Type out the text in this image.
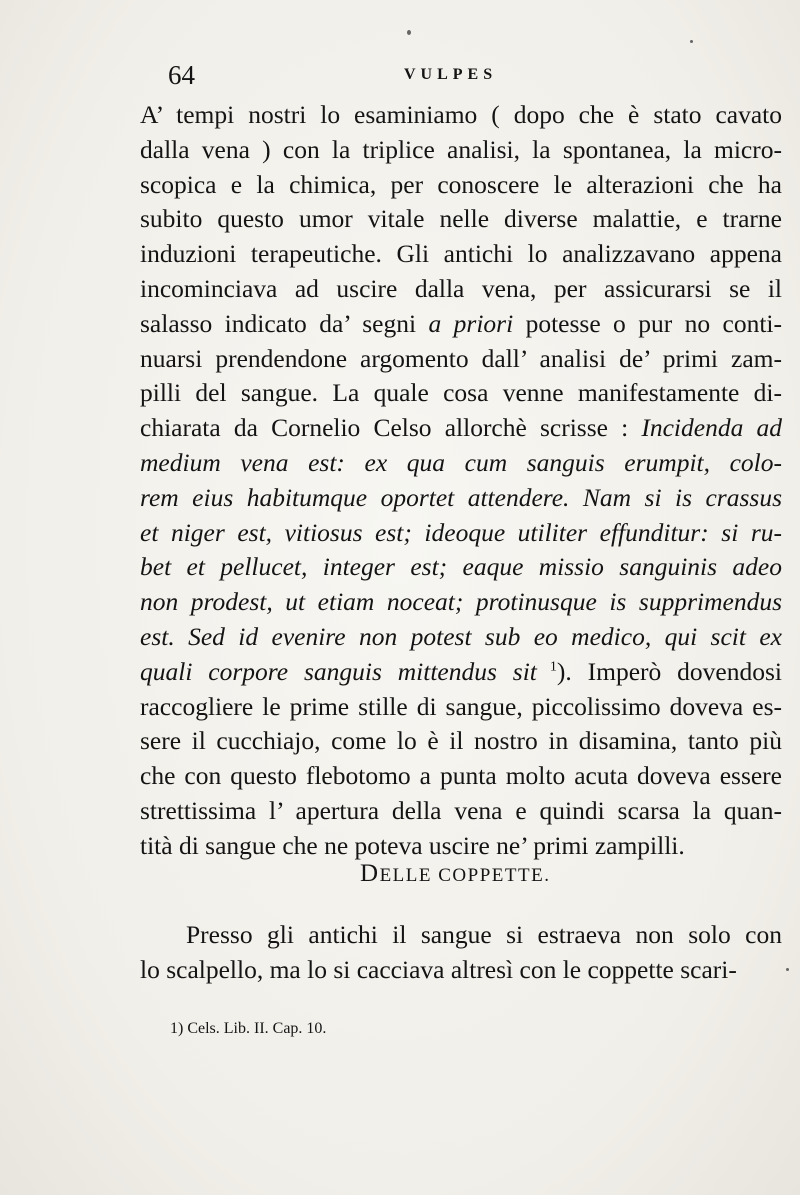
64	VULPES
A’ tempi nostri lo esaminiamo ( dopo che è stato cavato
dalla vena ) con la triplice analisi, la spontanea, la micro-
scopica e la chimica, per conoscere le alterazioni che ha
subito questo umor vitale nelle diverse malattie, e trarne
induzioni terapeutiche. Gli antichi lo analizzavano appena
incominciava ad uscire dalla vena, per assicurarsi se il
salasso indicato da’ segni a priori potesse o pur no conti-
nuarsi prendendone argomento dall’ analisi de’ primi zam-
pilli del sangue. La quale cosa venne manifestamente di-
chiarata da Cornelio Celso allorchè scrisse : Incidenda ad
medium vena est: ex qua cum sanguis erumpit, colo-
rem eius habitumque oportet attendere. Nam si is crassus
et niger est, vitiosus est; ideoque utiliter effunditur: si ru-
bet et pellucet, integer est; eaque missio sanguinis adeo
non prodest, ut etiam noceat; protinusque is supprimendus
est. Sed id evenire non potest sub eo medico, qui scit ex
quali corpore sanguis mittendus sit $^1$). Imperò dovendosi
raccogliere le prime stille di sangue, piccolissimo doveva es-
sere il cucchiajo, come lo è il nostro in disamina, tanto più
che con questo flebotomo a punta molto acuta doveva essere
strettissima l’ apertura della vena e quindi scarsa la quan-
tità di sangue che ne poteva uscire ne’ primi zampilli.
DELLE COPPETTE.
Presso gli antichi il sangue si estraeva non solo con
lo scalpello, ma lo si cacciava altresì con le coppette scari-
1) Cels. Lib. II. Cap. 10.
